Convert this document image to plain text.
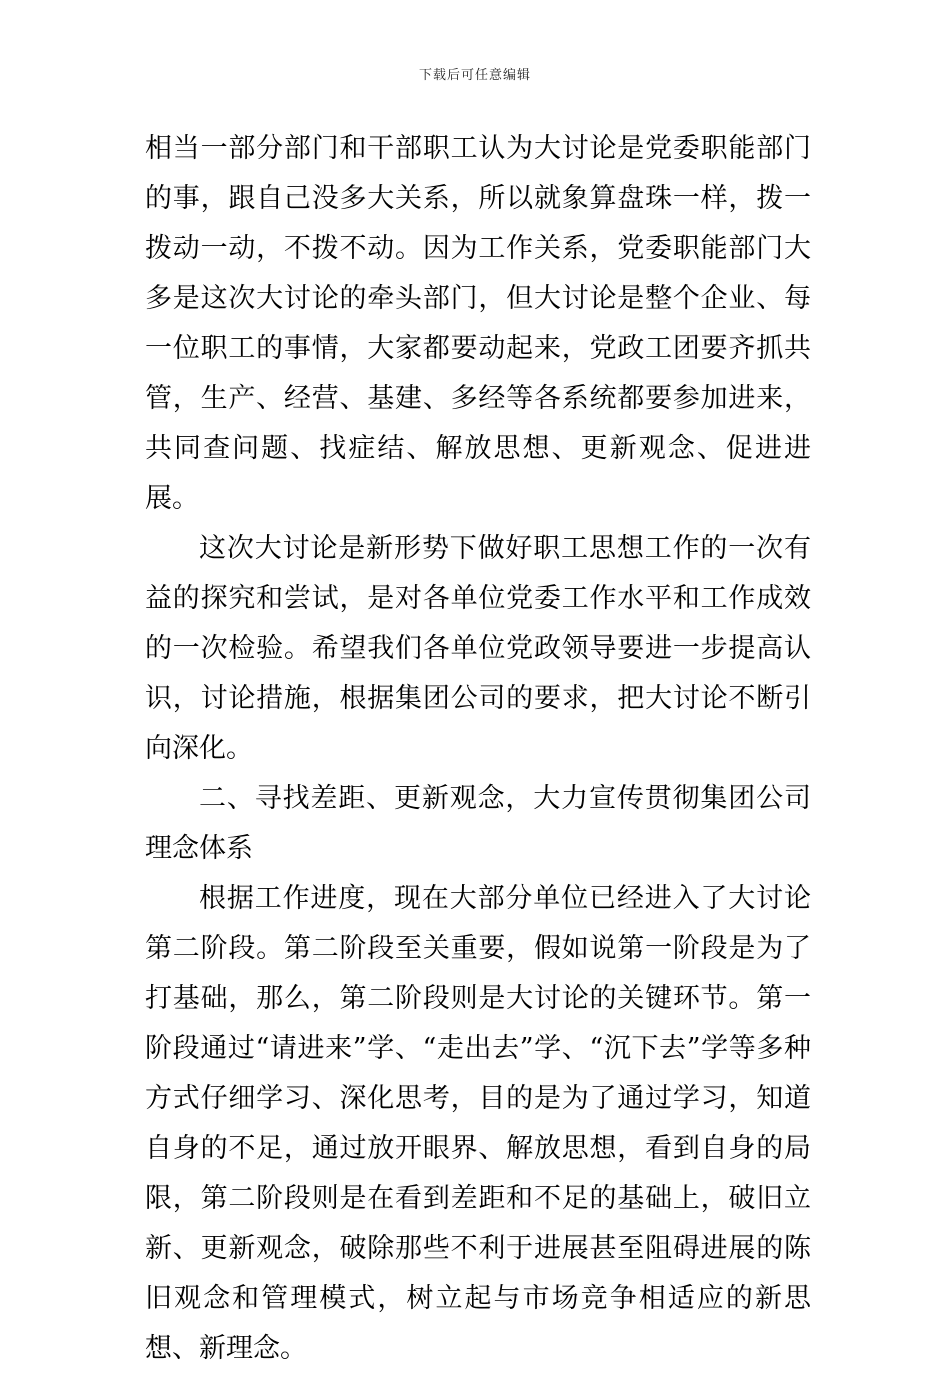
下载后可任意编辑

相当一部分部门和干部职工认为大讨论是党委职能部门的事，跟自己没多大关系，所以就象算盘珠一样，拨一拨动一动，不拨不动。因为工作关系，党委职能部门大多是这次大讨论的牵头部门，但大讨论是整个企业、每一位职工的事情，大家都要动起来，党政工团要齐抓共管，生产、经营、基建、多经等各系统都要参加进来，共同查问题、找症结、解放思想、更新观念、促进进展。

这次大讨论是新形势下做好职工思想工作的一次有益的探究和尝试，是对各单位党委工作水平和工作成效的一次检验。希望我们各单位党政领导要进一步提高认识，讨论措施，根据集团公司的要求，把大讨论不断引向深化。

二、寻找差距、更新观念，大力宣传贯彻集团公司理念体系

根据工作进度，现在大部分单位已经进入了大讨论第二阶段。第二阶段至关重要，假如说第一阶段是为了打基础，那么，第二阶段则是大讨论的关键环节。第一阶段通过“请进来”学、“走出去”学、“沉下去”学等多种方式仔细学习、深化思考，目的是为了通过学习，知道自身的不足，通过放开眼界、解放思想，看到自身的局限，第二阶段则是在看到差距和不足的基础上，破旧立新、更新观念，破除那些不利于进展甚至阻碍进展的陈旧观念和管理模式，树立起与市场竞争相适应的新思想、新理念。
